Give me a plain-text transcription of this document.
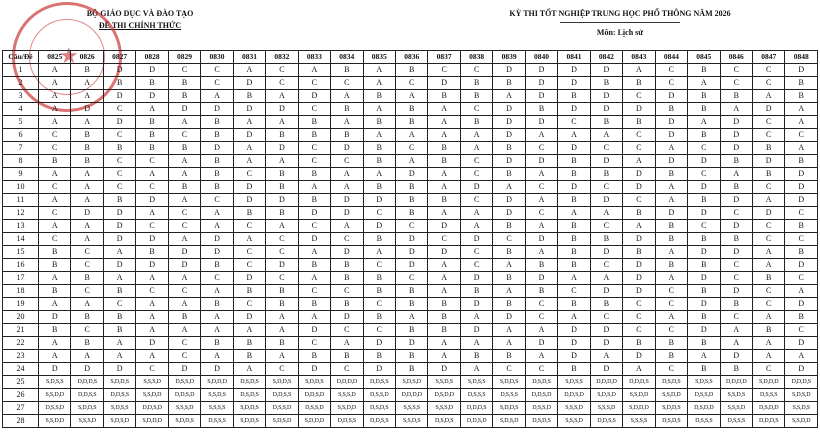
BỘ GIÁO DỤC VÀ ĐÀO TẠO
ĐỀ THI CHÍNH THỨC
KỲ THI TỐT NGHIỆP TRUNG HỌC PHỔ THÔNG NĂM 2026
Môn: Lịch sử
★
Câu/Đề	0825	0826	0827	0828	0829	0830	0831	0832	0833	0834	0835	0836	0837	0838	0839	0840	0841	0842	0843	0844	0845	0846	0847	0848
1	A	B	D	D	C	C	A	C	A	B	A	B	C	C	D	D	D	D	A	C	B	C	C	D
2	A	A	B	B	B	C	D	C	C	C	A	C	D	B	B	D	D	B	B	C	A	C	C	B
3	A	A	D	D	B	A	B	A	D	A	B	A	B	B	A	D	B	D	C	D	B	B	A	B
4	A	D	C	A	D	D	D	D	C	B	A	B	A	C	D	B	D	D	D	B	B	A	D	A
5	A	A	D	B	A	B	A	A	B	A	B	B	A	B	D	D	C	B	B	D	A	D	C	A
6	C	B	C	B	C	B	D	B	B	B	A	A	A	A	D	A	A	A	C	D	B	D	C	C
7	C	B	B	B	B	D	A	D	C	D	B	C	B	A	B	C	D	C	C	A	C	D	B	A
8	B	B	C	C	A	B	A	A	C	C	B	A	B	C	D	D	B	D	A	D	D	B	D	B
9	A	A	C	A	A	B	C	B	B	A	A	D	A	C	B	A	B	B	D	B	C	A	B	D
10	C	A	C	C	B	B	D	B	A	A	B	B	A	D	A	C	D	C	D	A	D	B	C	D
11	A	A	B	D	A	C	D	D	B	D	D	B	B	C	D	A	B	D	C	A	B	D	A	D
12	C	D	D	A	C	A	B	B	D	D	C	B	A	A	D	C	A	A	B	D	D	C	D	C
13	A	A	D	C	C	A	C	A	C	A	D	C	D	A	B	A	B	C	A	B	C	D	C	B
14	C	A	D	D	A	D	A	C	D	C	B	D	C	D	C	D	B	B	D	B	B	B	C	C
15	B	C	A	B	D	D	C	C	A	D	A	D	D	C	B	A	B	D	B	A	D	D	A	B
16	B	C	D	D	D	B	C	D	B	B	C	D	A	C	A	B	B	C	D	B	B	C	A	D
17	A	B	A	A	A	C	D	C	A	B	B	C	A	D	B	D	A	A	D	A	D	C	B	C
18	B	C	B	C	C	A	B	B	C	C	B	B	A	B	A	B	C	D	D	C	B	D	C	A
19	A	A	C	A	A	B	C	B	B	B	C	B	B	D	B	C	B	B	C	C	D	B	C	D
20	D	B	B	A	B	A	D	A	A	D	B	A	B	A	D	C	A	C	C	A	B	C	A	B
21	B	C	B	A	A	A	A	A	D	C	C	B	B	D	A	A	D	D	C	C	D	A	B	C
22	A	B	A	D	C	B	B	B	C	A	D	D	A	A	A	D	D	D	B	B	B	A	A	D
23	A	A	A	A	C	A	B	A	B	B	B	B	A	B	B	A	D	A	D	B	A	D	A	A
24	D	D	D	C	D	D	A	C	D	C	D	B	D	A	C	C	B	D	A	C	B	B	C	D
25	S,D,S,S	D,D,D,S	S,D,D,S	S,S,S,D	D,S,S,D	S,D,D,D	D,S,D,S	S,D,D,S	S,D,D,S	D,D,D,D	D,D,S,S	S,D,S,D	S,S,D,S	S,D,S,S	S,D,D,S	D,S,D,S	S,D,S,S	D,D,D,D	D,D,D,S	D,S,D,S	S,D,S,S	D,D,D,D	S,D,D,D	D,D,D,S
26	S,S,D,D	D,D,S,S	D,D,S,S	S,S,D,D	D,D,S,D	S,S,D,S	D,S,D,S	D,D,S,S	D,D,S,D	S,S,S,D	D,S,S,D	D,D,D,D	D,S,D,D	D,S,S,S	D,S,S,S	D,D,S,D	D,D,S,D	S,D,S,D	S,S,D,D	S,S,D,D	D,S,S,D	S,S,D,S	D,S,S,S	S,D,S,D
27	D,S,S,D	S,D,D,S	S,D,S,S	D,D,S,D	S,S,S,D	S,S,S,S	S,D,D,S	D,S,S,D	D,S,S,D	S,S,D,D	D,S,D,S	S,S,S,S	S,S,S,D	D,D,D,S	S,D,D,S	D,S,S,D	S,S,S,D	S,S,S,D	S,D,D,D	S,D,D,S	D,S,D,D	S,S,S,D	D,S,D,D	S,S,D,S
28	S,S,D,D	S,S,S,D	S,D,S,D	S,D,D,D	S,D,D,S	D,S,S,S	S,D,D,S	S,D,S,D	S,D,D,D	D,D,S,S	D,D,S,S	S,S,D,S	D,S,D,S	D,D,S,D	S,D,S,D	D,S,D,S	S,S,S,D	D,D,S,S	S,S,S,S	D,S,D,S	D,S,S,S	D,S,S,S	D,D,D,S	S,S,D,D
